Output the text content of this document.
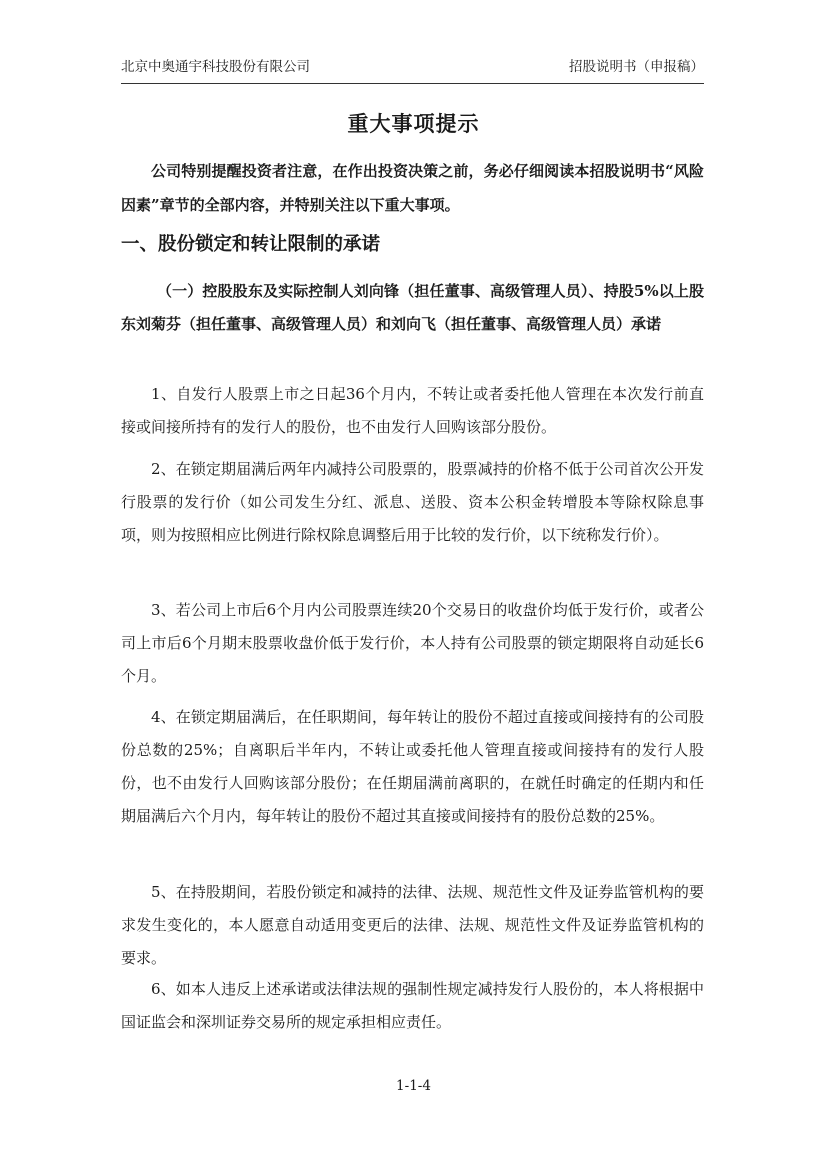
北京中奥通宇科技股份有限公司	招股说明书（申报稿）
重大事项提示

公司特别提醒投资者注意，在作出投资决策之前，务必仔细阅读本招股说明书“风险因素”章节的全部内容，并特别关注以下重大事项。

一、股份锁定和转让限制的承诺

（一）控股股东及实际控制人刘向锋（担任董事、高级管理人员）、持股5%以上股东刘菊芬（担任董事、高级管理人员）和刘向飞（担任董事、高级管理人员）承诺

1、自发行人股票上市之日起36个月内，不转让或者委托他人管理在本次发行前直接或间接所持有的发行人的股份，也不由发行人回购该部分股份。

2、在锁定期届满后两年内减持公司股票的，股票减持的价格不低于公司首次公开发行股票的发行价（如公司发生分红、派息、送股、资本公积金转增股本等除权除息事项，则为按照相应比例进行除权除息调整后用于比较的发行价，以下统称发行价）。

3、若公司上市后6个月内公司股票连续20个交易日的收盘价均低于发行价，或者公司上市后6个月期末股票收盘价低于发行价，本人持有公司股票的锁定期限将自动延长6个月。

4、在锁定期届满后，在任职期间，每年转让的股份不超过直接或间接持有的公司股份总数的25%；自离职后半年内，不转让或委托他人管理直接或间接持有的发行人股份，也不由发行人回购该部分股份；在任期届满前离职的，在就任时确定的任期内和任期届满后六个月内，每年转让的股份不超过其直接或间接持有的股份总数的25%。

5、在持股期间，若股份锁定和减持的法律、法规、规范性文件及证券监管机构的要求发生变化的，本人愿意自动适用变更后的法律、法规、规范性文件及证券监管机构的要求。

6、如本人违反上述承诺或法律法规的强制性规定减持发行人股份的，本人将根据中国证监会和深圳证券交易所的规定承担相应责任。

1-1-4
